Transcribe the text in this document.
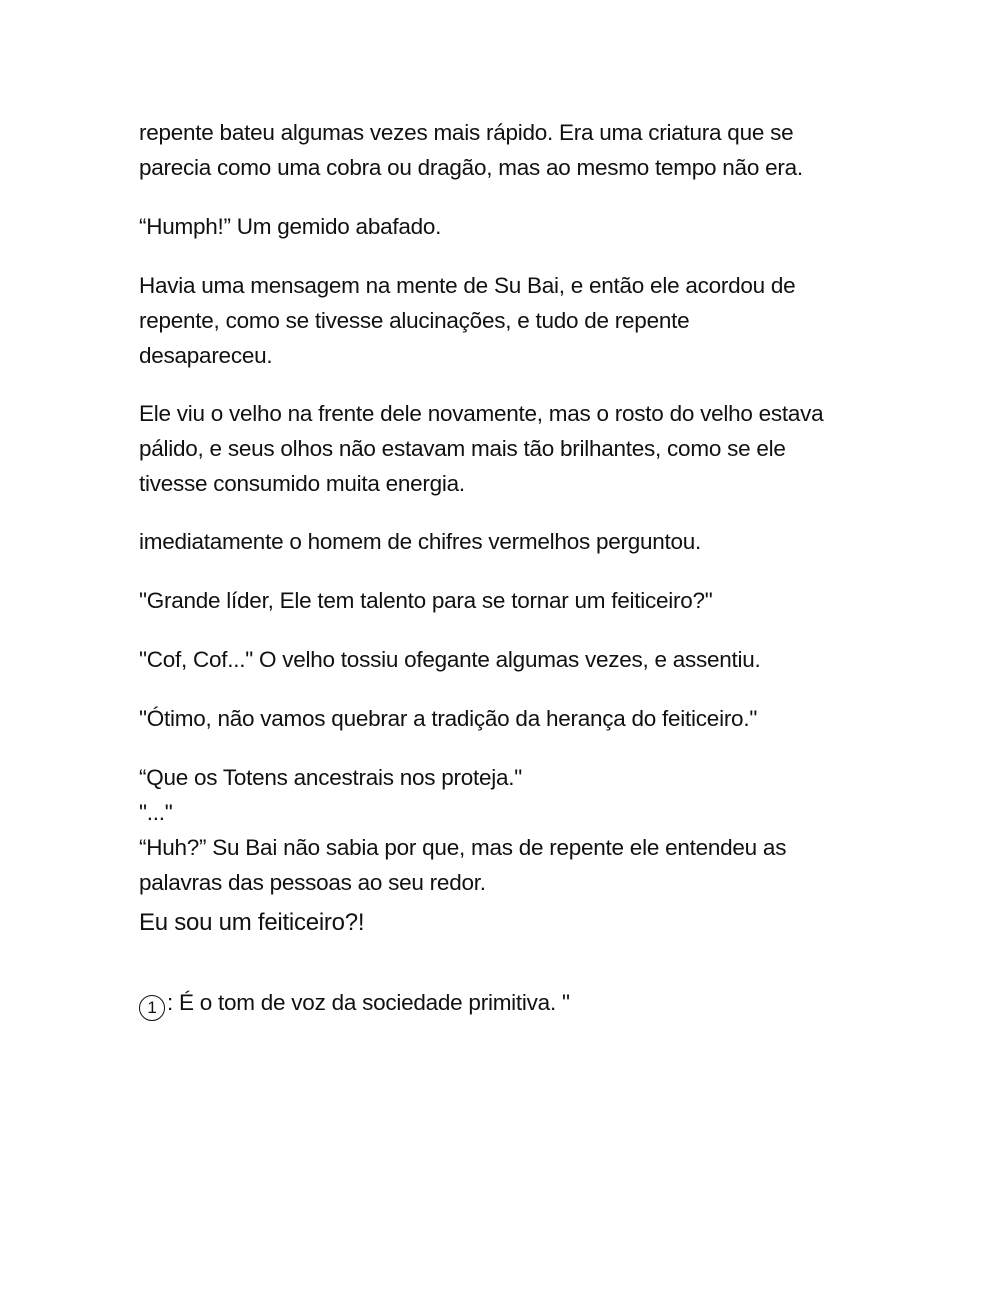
repente bateu algumas vezes mais rápido. Era uma criatura que se
parecia como uma cobra ou dragão, mas ao mesmo tempo não era.

“Humph!” Um gemido abafado.

Havia uma mensagem na mente de Su Bai, e então ele acordou de
repente, como se tivesse alucinações, e tudo de repente
desapareceu.

Ele viu o velho na frente dele novamente, mas o rosto do velho estava
pálido, e seus olhos não estavam mais tão brilhantes, como se ele
tivesse consumido muita energia.

imediatamente o homem de chifres vermelhos perguntou.

"Grande líder, Ele tem talento para se tornar um feiticeiro?"

"Cof, Cof..." O velho tossiu ofegante algumas vezes, e assentiu.

"Ótimo, não vamos quebrar a tradição da herança do feiticeiro."

“Que os Totens ancestrais nos proteja."
"..."
“Huh?” Su Bai não sabia por que, mas de repente ele entendeu as
palavras das pessoas ao seu redor.

Eu sou um feiticeiro?!

1 : É o tom de voz da sociedade primitiva. "
